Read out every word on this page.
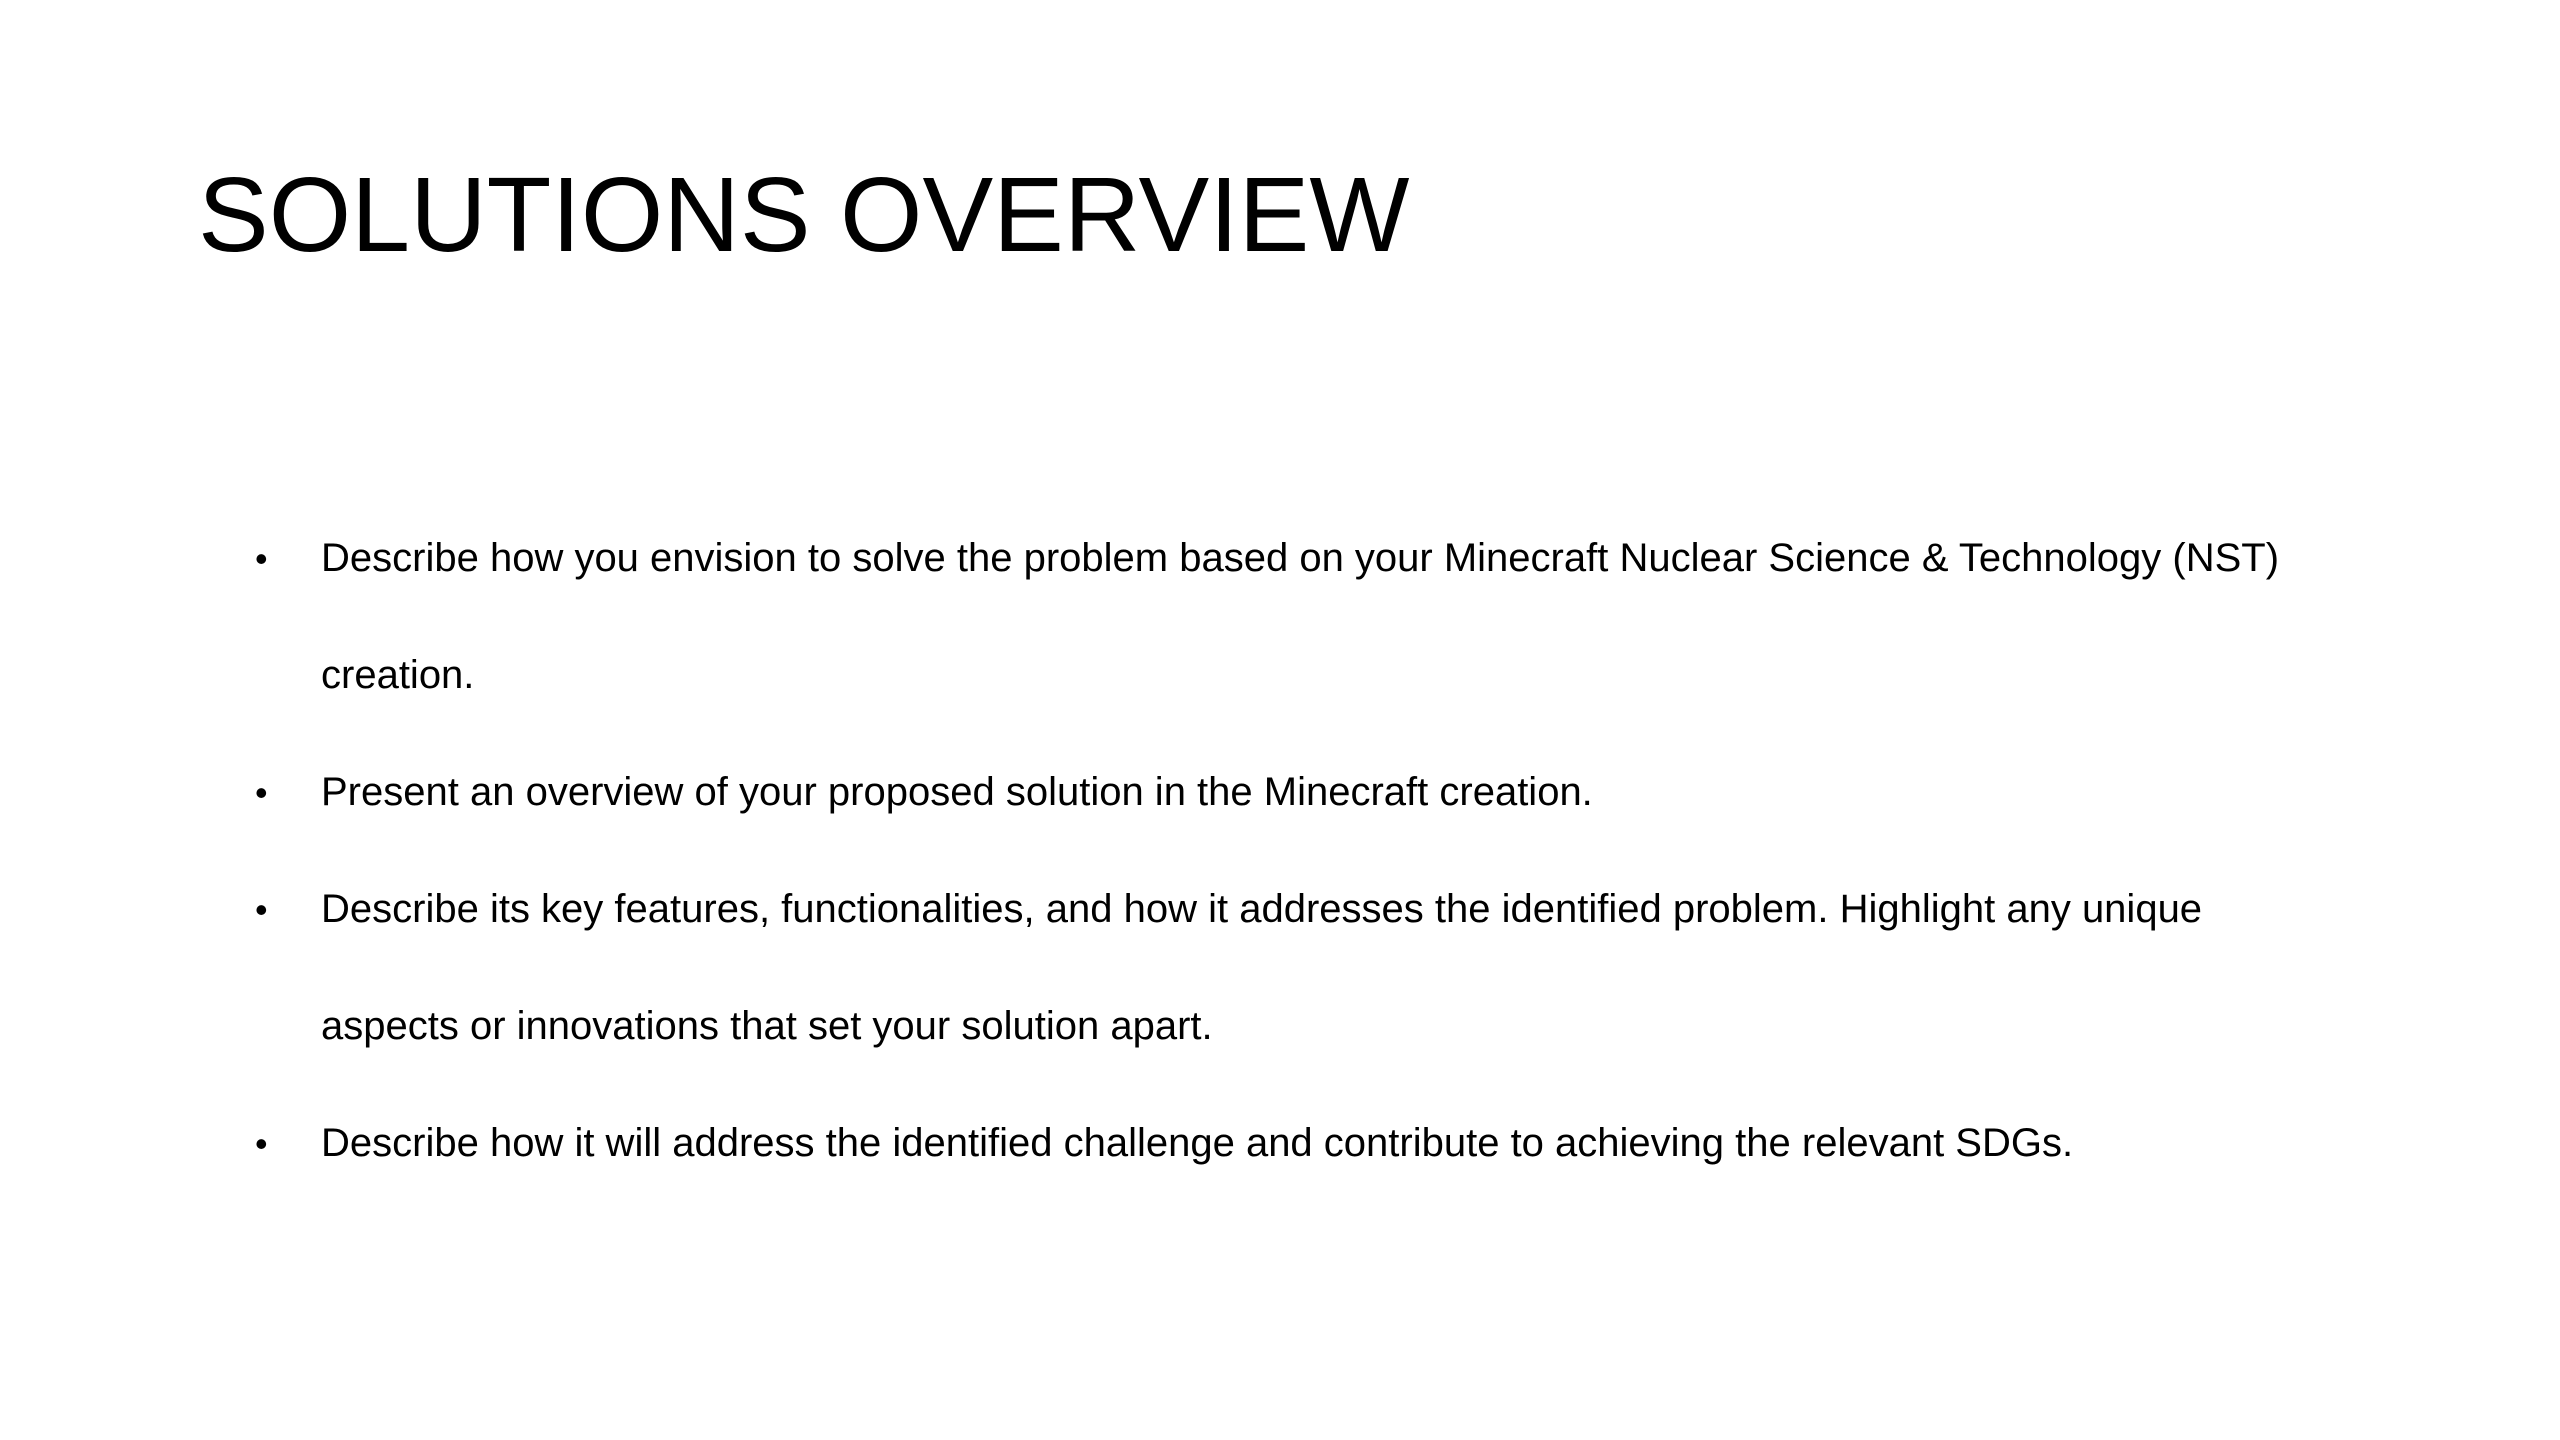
SOLUTIONS OVERVIEW
• Describe how you envision to solve the problem based on your Minecraft Nuclear Science & Technology (NST) creation.
• Present an overview of your proposed solution in the Minecraft creation.
• Describe its key features, functionalities, and how it addresses the identified problem. Highlight any unique aspects or innovations that set your solution apart.
• Describe how it will address the identified challenge and contribute to achieving the relevant SDGs.
